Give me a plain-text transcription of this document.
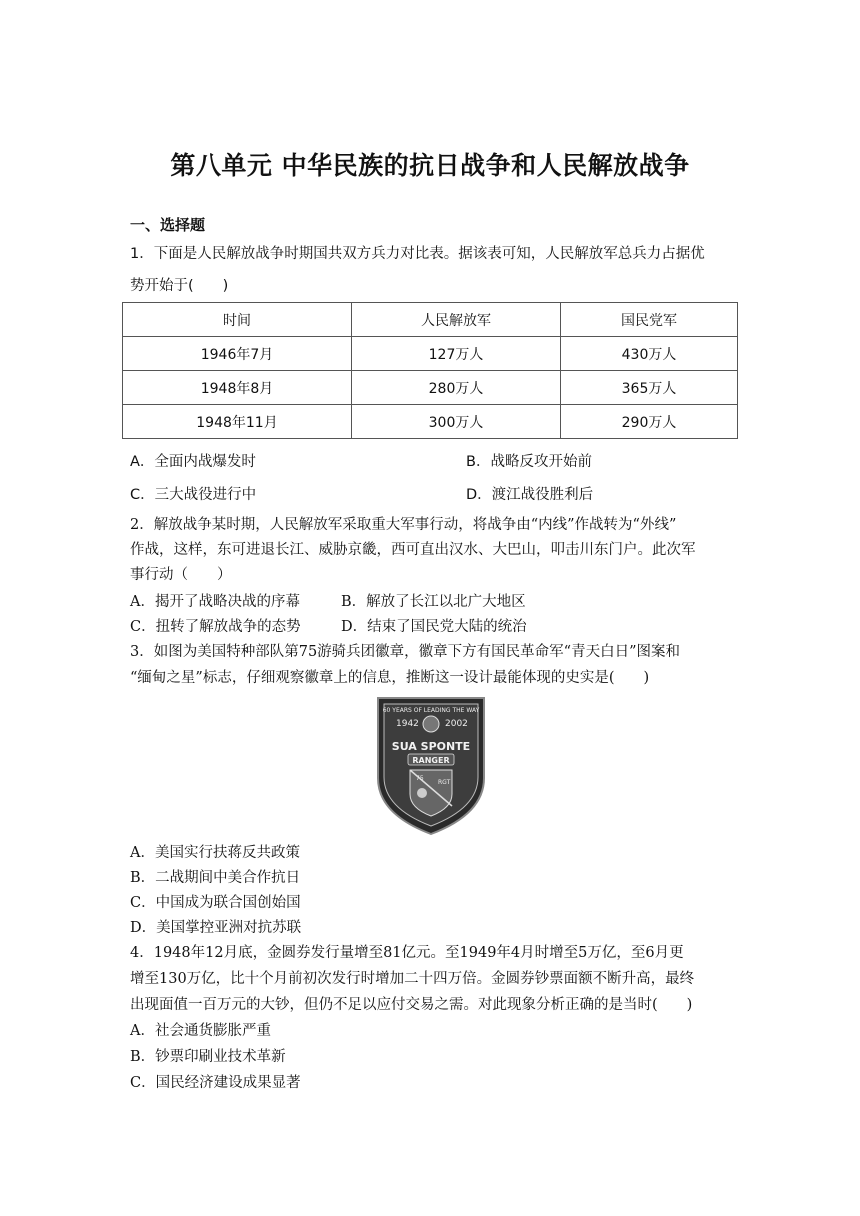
第八单元 中华民族的抗日战争和人民解放战争
一、选择题
1．下面是人民解放战争时期国共双方兵力对比表。据该表可知，人民解放军总兵力占据优
势开始于(　　)
时间	人民解放军	国民党军
1946年7月	127万人	430万人
1948年8月	280万人	365万人
1948年11月	300万人	290万人
A．全面内战爆发时	B．战略反攻开始前
C．三大战役进行中	D．渡江战役胜利后
2．解放战争某时期，人民解放军采取重大军事行动，将战争由“内线”作战转为“外线”
作战，这样，东可进退长江、威胁京畿，西可直出汉水、大巴山，叩击川东门户。此次军
事行动（　　）
A．揭开了战略决战的序幕	B．解放了长江以北广大地区
C．扭转了解放战争的态势	D．结束了国民党大陆的统治
3．如图为美国特种部队第75游骑兵团徽章，徽章下方有国民革命军“青天白日”图案和
“缅甸之星”标志，仔细观察徽章上的信息，推断这一设计最能体现的史实是(　　)
60 YEARS OF LEADING THE WAY
1942	2002
SUA SPONTE
RANGER
RGT
75
A．美国实行扶蒋反共政策
B．二战期间中美合作抗日
C．中国成为联合国创始国
D．美国掌控亚洲对抗苏联
4．1948年12月底，金圆券发行量增至81亿元。至1949年4月时增至5万亿，至6月更
增至130万亿，比十个月前初次发行时增加二十四万倍。金圆券钞票面额不断升高，最终
出现面值一百万元的大钞，但仍不足以应付交易之需。对此现象分析正确的是当时(　　)
A．社会通货膨胀严重
B．钞票印刷业技术革新
C．国民经济建设成果显著
